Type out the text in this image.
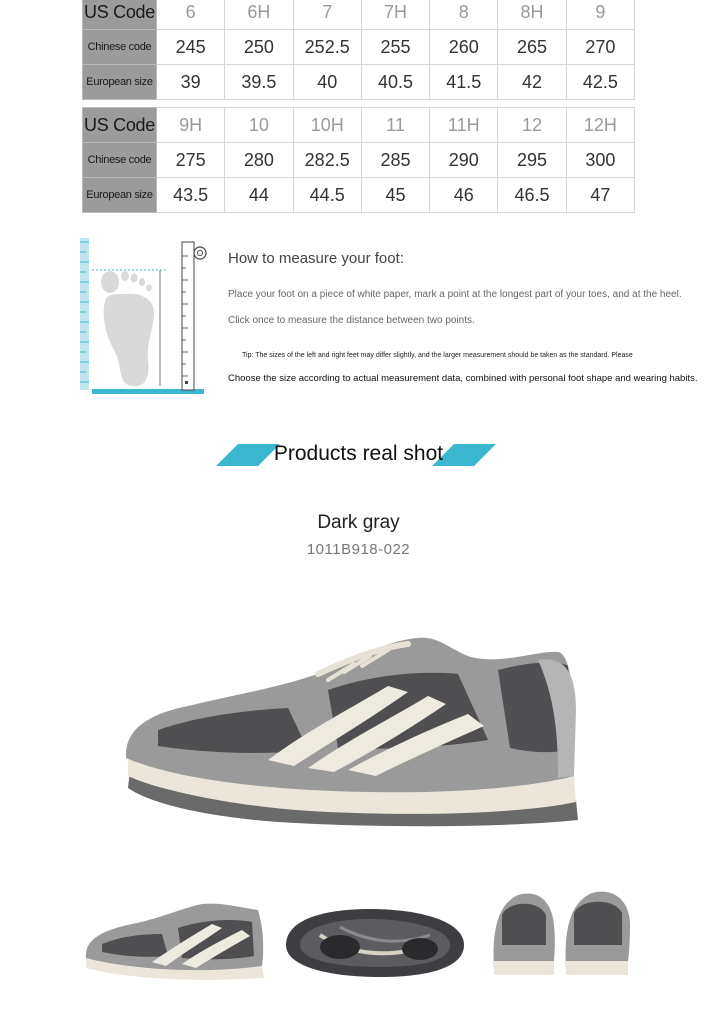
US Code	6	6H	7	7H	8	8H	9
Chinese code	245	250	252.5	255	260	265	270
European size	39	39.5	40	40.5	41.5	42	42.5
US Code	9H	10	10H	11	11H	12	12H
Chinese code	275	280	282.5	285	290	295	300
European size	43.5	44	44.5	45	46	46.5	47
How to measure your foot:
Place your foot on a piece of white paper, mark a point at the longest part of your toes, and at the heel.
Click once to measure the distance between two points.
Tip: The sizes of the left and right feet may differ slightly, and the larger measurement should be taken as the standard. Please
Choose the size according to actual measurement data, combined with personal foot shape and wearing habits.
Products real shot
Dark gray
1011B918-022
